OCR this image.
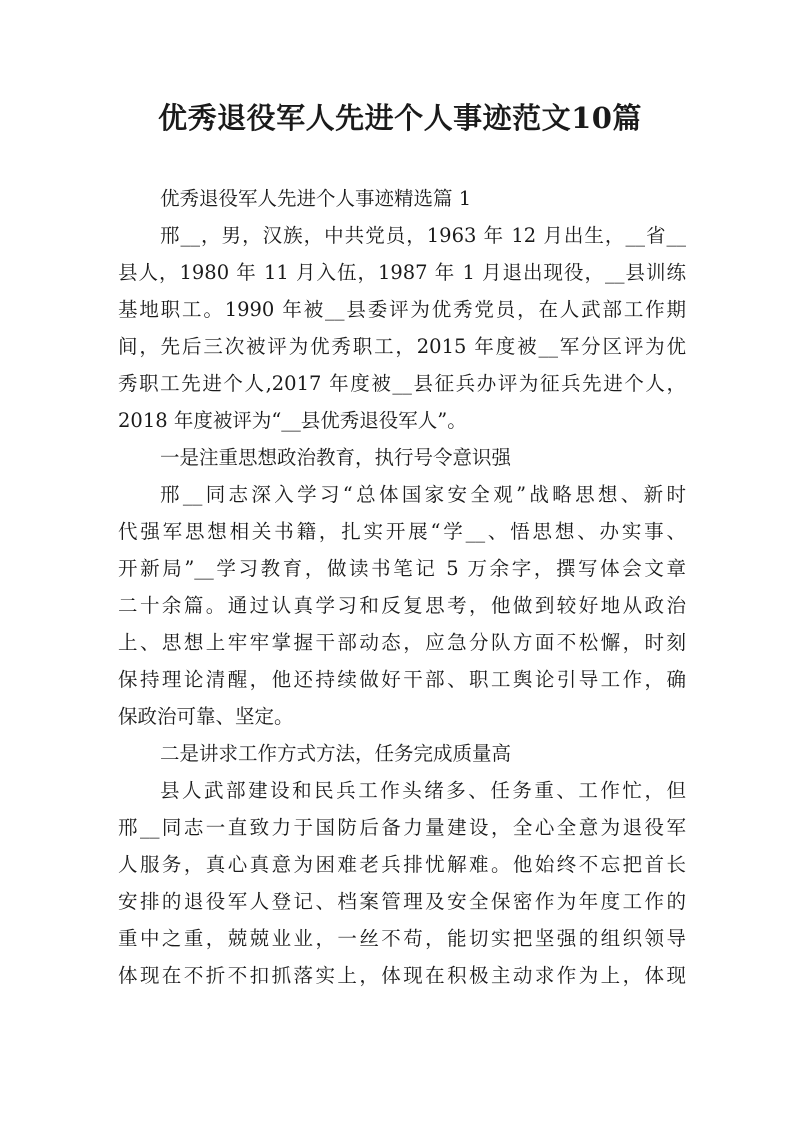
优秀退役军人先进个人事迹范文10篇
优秀退役军人先进个人事迹精选篇 1
邢__，男，汉族，中共党员，1963 年 12 月出生，__省__
县人，1980 年 11 月入伍，1987 年 1 月退出现役，__县训练
基地职工。1990 年被__县委评为优秀党员，在人武部工作期
间，先后三次被评为优秀职工，2015 年度被__军分区评为优
秀职工先进个人,2017 年度被__县征兵办评为征兵先进个人，
2018 年度被评为“__县优秀退役军人”。
一是注重思想政治教育，执行号令意识强
邢__同志深入学习“总体国家安全观”战略思想、新时
代强军思想相关书籍，扎实开展“学__、悟思想、办实事、
开新局”__学习教育，做读书笔记 5 万余字，撰写体会文章
二十余篇。通过认真学习和反复思考，他做到较好地从政治
上、思想上牢牢掌握干部动态，应急分队方面不松懈，时刻
保持理论清醒，他还持续做好干部、职工舆论引导工作，确
保政治可靠、坚定。
二是讲求工作方式方法，任务完成质量高
县人武部建设和民兵工作头绪多、任务重、工作忙，但
邢__同志一直致力于国防后备力量建设，全心全意为退役军
人服务，真心真意为困难老兵排忧解难。他始终不忘把首长
安排的退役军人登记、档案管理及安全保密作为年度工作的
重中之重，兢兢业业，一丝不苟，能切实把坚强的组织领导
体现在不折不扣抓落实上，体现在积极主动求作为上，体现
